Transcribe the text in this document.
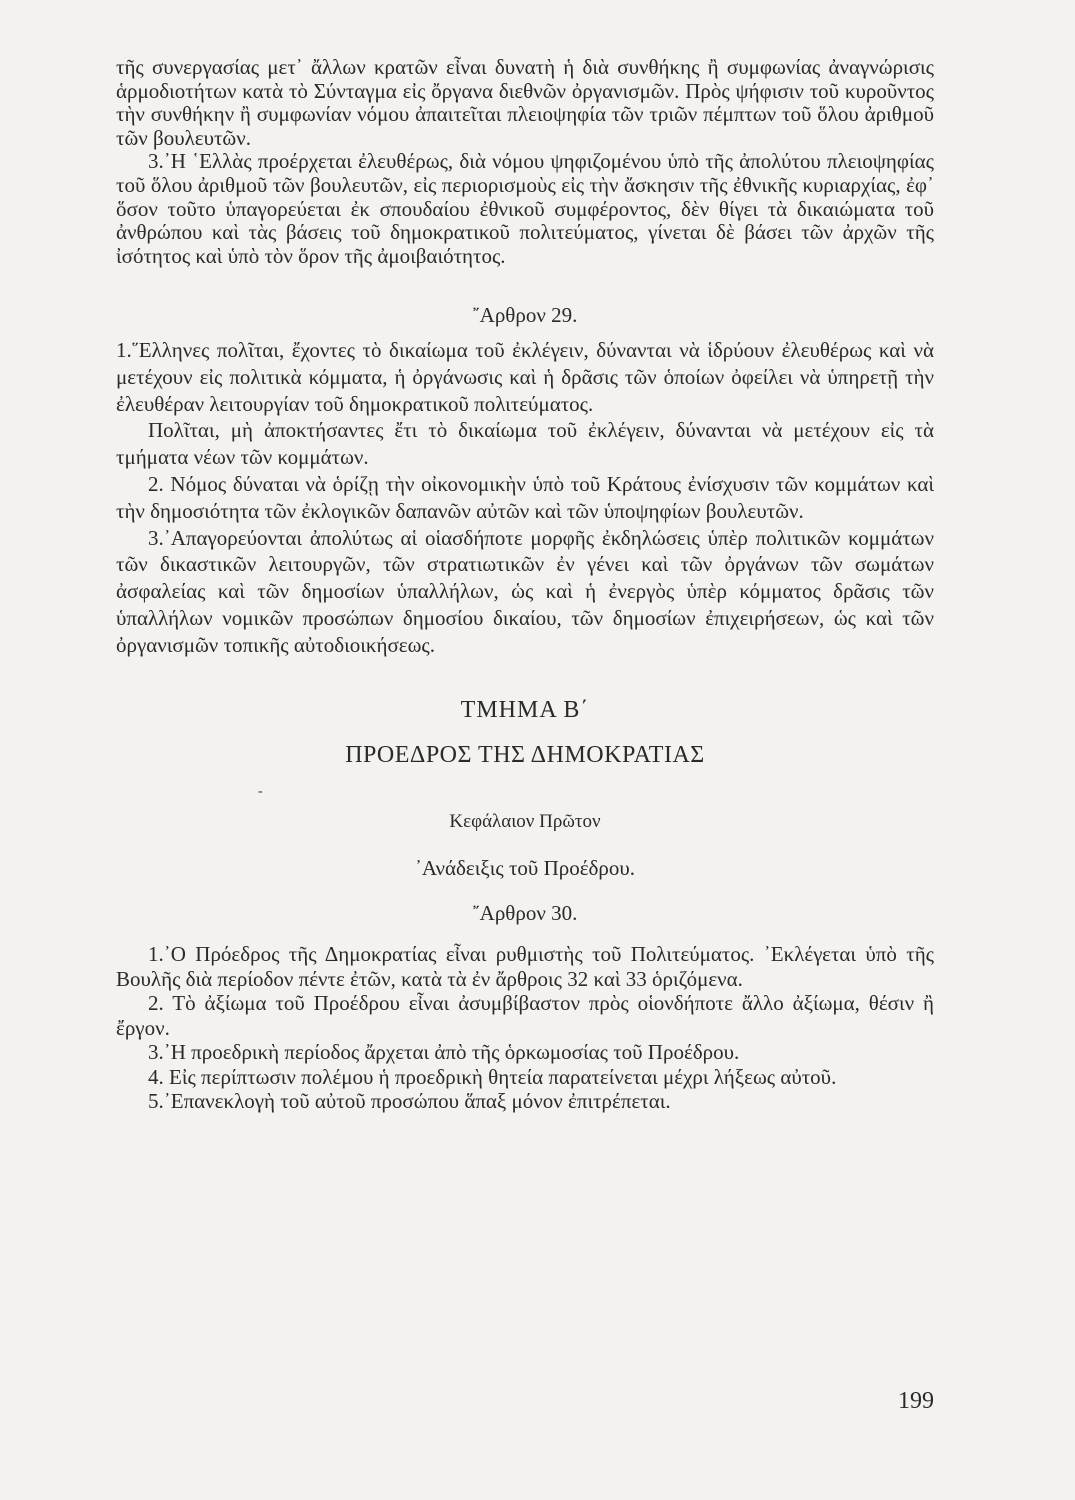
τῆς συνεργασίας μετ᾽ ἄλλων κρατῶν εἶναι δυνατὴ ἡ διὰ συνθήκης ἢ συμφωνίας ἀναγνώρισις ἁρμοδιοτήτων κατὰ τὸ Σύνταγμα εἰς ὄργανα διεθνῶν ὀργανισμῶν. Πρὸς ψήφισιν τοῦ κυροῦντος τὴν συνθήκην ἢ συμφωνίαν νόμου ἀπαιτεῖται πλειοψηφία τῶν τριῶν πέμπτων τοῦ ὅλου ἀριθμοῦ τῶν βουλευτῶν.

3.᾽Η ῾Ελλὰς προέρχεται ἐλευθέρως, διὰ νόμου ψηφιζομένου ὑπὸ τῆς ἀπολύτου πλειοψηφίας τοῦ ὅλου ἀριθμοῦ τῶν βουλευτῶν, εἰς περιορισμοὺς εἰς τὴν ἄσκησιν τῆς ἐθνικῆς κυριαρχίας, ἐφ᾽ ὅσον τοῦτο ὑπαγορεύεται ἐκ σπουδαίου ἐθνικοῦ συμφέροντος, δὲν θίγει τὰ δικαιώματα τοῦ ἀνθρώπου καὶ τὰς βάσεις τοῦ δημοκρατικοῦ πολιτεύματος, γίνεται δὲ βάσει τῶν ἀρχῶν τῆς ἰσότητος καὶ ὑπὸ τὸν ὅρον τῆς ἀμοιβαιότητος.

῎Αρθρον 29.

1.῞Ελληνες πολῖται, ἔχοντες τὸ δικαίωμα τοῦ ἐκλέγειν, δύνανται νὰ ἱδρύουν ἐλευθέρως καὶ νὰ μετέχουν εἰς πολιτικὰ κόμματα, ἡ ὀργάνωσις καὶ ἡ δρᾶσις τῶν ὁποίων ὀφείλει νὰ ὑπηρετῇ τὴν ἐλευθέραν λειτουργίαν τοῦ δημοκρατικοῦ πολιτεύματος.

Πολῖται, μὴ ἀποκτήσαντες ἔτι τὸ δικαίωμα τοῦ ἐκλέγειν, δύνανται νὰ μετέχουν εἰς τὰ τμήματα νέων τῶν κομμάτων.

2. Νόμος δύναται νὰ ὁρίζῃ τὴν οἰκονομικὴν ὑπὸ τοῦ Κράτους ἐνίσχυσιν τῶν κομμάτων καὶ τὴν δημοσιότητα τῶν ἐκλογικῶν δαπανῶν αὐτῶν καὶ τῶν ὑποψηφίων βουλευτῶν.

3.᾽Απαγορεύονται ἀπολύτως αἱ οἱασδήποτε μορφῆς ἐκδηλώσεις ὑπὲρ πολιτικῶν κομμάτων τῶν δικαστικῶν λειτουργῶν, τῶν στρατιωτικῶν ἐν γένει καὶ τῶν ὀργάνων τῶν σωμάτων ἀσφαλείας καὶ τῶν δημοσίων ὑπαλλήλων, ὡς καὶ ἡ ἐνεργὸς ὑπὲρ κόμματος δρᾶσις τῶν ὑπαλλήλων νομικῶν προσώπων δημοσίου δικαίου, τῶν δημοσίων ἐπιχειρήσεων, ὡς καὶ τῶν ὀργανισμῶν τοπικῆς αὐτοδιοικήσεως.

ΤΜΗΜΑ Β΄

ΠΡΟΕΔΡΟΣ ΤΗΣ ΔΗΜΟΚΡΑΤΙΑΣ

-

Κεφάλαιον Πρῶτον

᾽Ανάδειξις τοῦ Προέδρου.

῎Αρθρον 30.

1.᾽Ο Πρόεδρος τῆς Δημοκρατίας εἶναι ρυθμιστὴς τοῦ Πολιτεύματος. ᾽Εκλέγεται ὑπὸ τῆς Βουλῆς διὰ περίοδον πέντε ἐτῶν, κατὰ τὰ ἐν ἄρθροις 32 καὶ 33 ὁριζόμενα.

2. Τὸ ἀξίωμα τοῦ Προέδρου εἶναι ἀσυμβίβαστον πρὸς οἱονδήποτε ἄλλο ἀξίωμα, θέσιν ἢ ἔργον.

3.᾽Η προεδρικὴ περίοδος ἄρχεται ἀπὸ τῆς ὁρκωμοσίας τοῦ Προέδρου.

4. Εἰς περίπτωσιν πολέμου ἡ προεδρικὴ θητεία παρατείνεται μέχρι λήξεως αὐτοῦ.

5.᾽Επανεκλογὴ τοῦ αὐτοῦ προσώπου ἅπαξ μόνον ἐπιτρέπεται.

199
